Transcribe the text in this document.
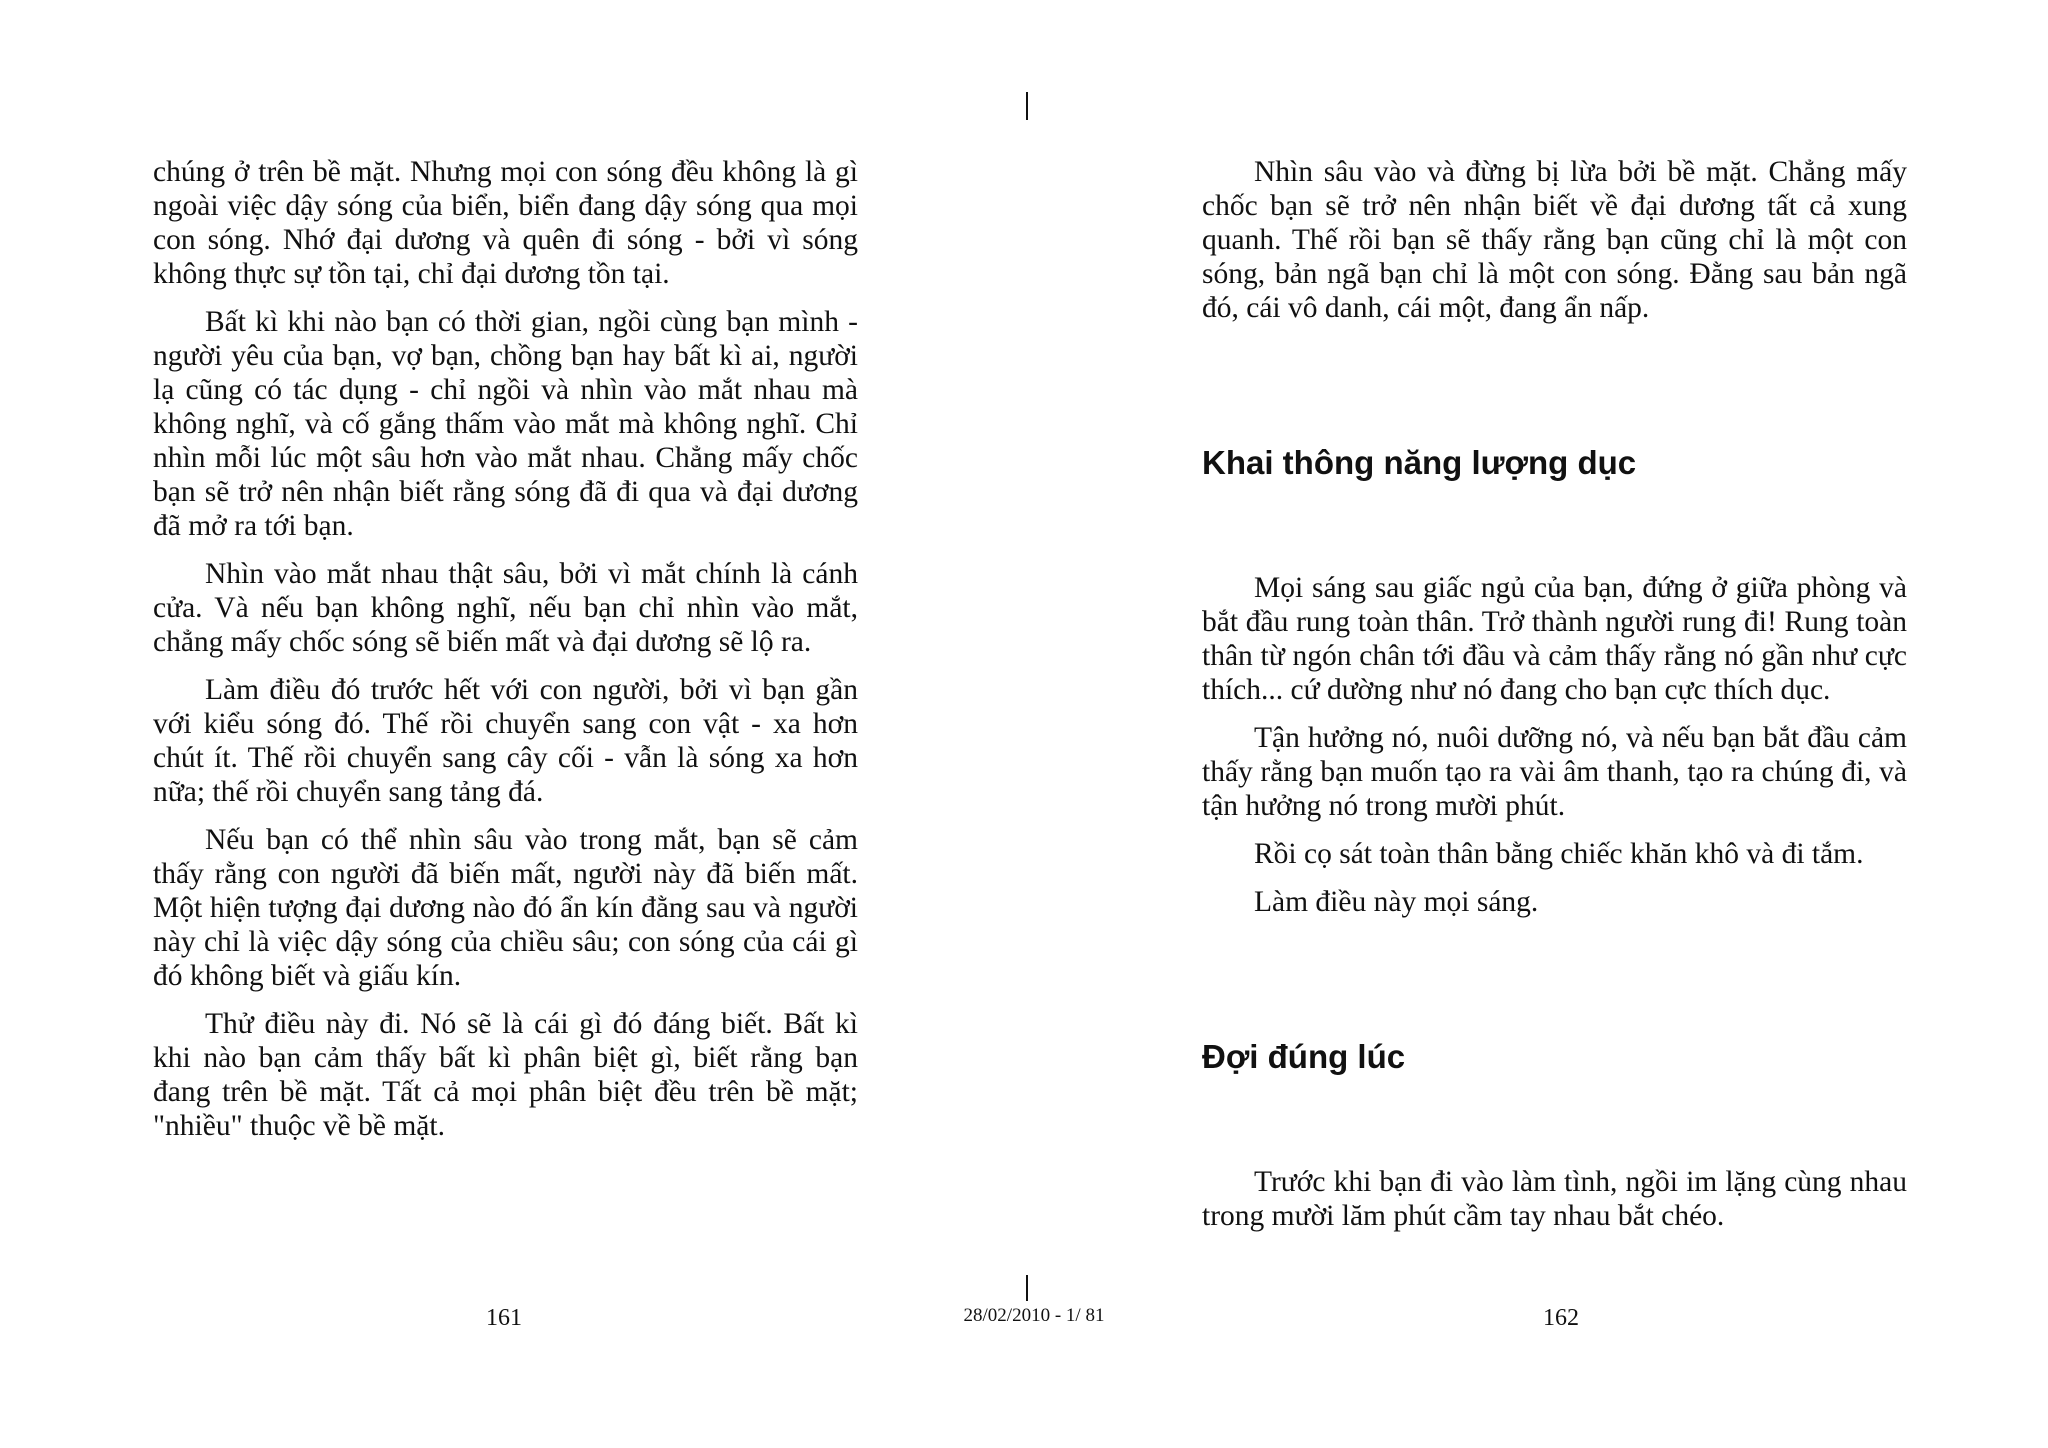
chúng ở trên bề mặt. Nhưng mọi con sóng đều không là gì ngoài việc dậy sóng của biển, biển đang dậy sóng qua mọi con sóng. Nhớ đại dương và quên đi sóng - bởi vì sóng không thực sự tồn tại, chỉ đại dương tồn tại.

Bất kì khi nào bạn có thời gian, ngồi cùng bạn mình - người yêu của bạn, vợ bạn, chồng bạn hay bất kì ai, người lạ cũng có tác dụng - chỉ ngồi và nhìn vào mắt nhau mà không nghĩ, và cố gắng thấm vào mắt mà không nghĩ. Chỉ nhìn mỗi lúc một sâu hơn vào mắt nhau. Chẳng mấy chốc bạn sẽ trở nên nhận biết rằng sóng đã đi qua và đại dương đã mở ra tới bạn.

Nhìn vào mắt nhau thật sâu, bởi vì mắt chính là cánh cửa. Và nếu bạn không nghĩ, nếu bạn chỉ nhìn vào mắt, chẳng mấy chốc sóng sẽ biến mất và đại dương sẽ lộ ra.

Làm điều đó trước hết với con người, bởi vì bạn gần với kiểu sóng đó. Thế rồi chuyển sang con vật - xa hơn chút ít. Thế rồi chuyển sang cây cối - vẫn là sóng xa hơn nữa; thế rồi chuyển sang tảng đá.

Nếu bạn có thể nhìn sâu vào trong mắt, bạn sẽ cảm thấy rằng con người đã biến mất, người này đã biến mất. Một hiện tượng đại dương nào đó ẩn kín đằng sau và người này chỉ là việc dậy sóng của chiều sâu; con sóng của cái gì đó không biết và giấu kín.

Thử điều này đi. Nó sẽ là cái gì đó đáng biết. Bất kì khi nào bạn cảm thấy bất kì phân biệt gì, biết rằng bạn đang trên bề mặt. Tất cả mọi phân biệt đều trên bề mặt; "nhiều" thuộc về bề mặt.

Nhìn sâu vào và đừng bị lừa bởi bề mặt. Chẳng mấy chốc bạn sẽ trở nên nhận biết về đại dương tất cả xung quanh. Thế rồi bạn sẽ thấy rằng bạn cũng chỉ là một con sóng, bản ngã bạn chỉ là một con sóng. Đằng sau bản ngã đó, cái vô danh, cái một, đang ẩn nấp.

Khai thông năng lượng dục

Mọi sáng sau giấc ngủ của bạn, đứng ở giữa phòng và bắt đầu rung toàn thân. Trở thành người rung đi! Rung toàn thân từ ngón chân tới đầu và cảm thấy rằng nó gần như cực thích... cứ dường như nó đang cho bạn cực thích dục.

Tận hưởng nó, nuôi dưỡng nó, và nếu bạn bắt đầu cảm thấy rằng bạn muốn tạo ra vài âm thanh, tạo ra chúng đi, và tận hưởng nó trong mười phút.

Rồi cọ sát toàn thân bằng chiếc khăn khô và đi tắm.

Làm điều này mọi sáng.

Đợi đúng lúc

Trước khi bạn đi vào làm tình, ngồi im lặng cùng nhau trong mười lăm phút cầm tay nhau bắt chéo.

161	28/02/2010 - 1/ 81	162
